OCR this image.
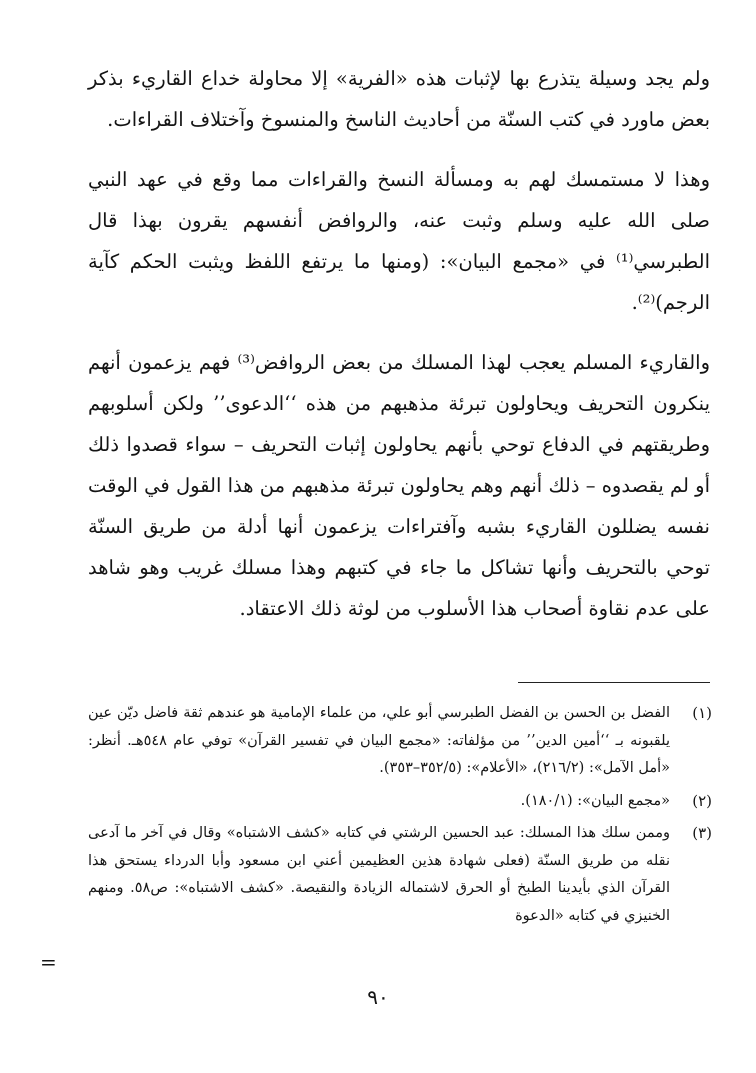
ولم يجد وسيلة يتذرع بها لإثبات هذه «الفرية» إلا محاولة خداع القاريء بذكر بعض ماورد في كتب السنّة من أحاديث الناسخ والمنسوخ وآختلاف القراءات.

وهذا لا مستمسك لهم به ومسألة النسخ والقراءات مما وقع في عهد النبي صلى الله عليه وسلم وثبت عنه، والروافض أنفسهم يقرون بهذا قال الطبرسي⁽¹⁾ في «مجمع البيان»: (ومنها ما يرتفع اللفظ ويثبت الحكم كآية الرجم)⁽²⁾.

والقاريء المسلم يعجب لهذا المسلك من بعض الروافض⁽³⁾ فهم يزعمون أنهم ينكرون التحريف ويحاولون تبرئة مذهبهم من هذه ‘‘الدعوى’’ ولكن أسلوبهم وطريقتهم في الدفاع توحي بأنهم يحاولون إثبات التحريف – سواء قصدوا ذلك أو لم يقصدوه – ذلك أنهم وهم يحاولون تبرئة مذهبهم من هذا القول في الوقت نفسه يضللون القاريء بشبه وآفتراءات يزعمون أنها أدلة من طريق السنّة توحي بالتحريف وأنها تشاكل ما جاء في كتبهم وهذا مسلك غريب وهو شاهد على عدم نقاوة أصحاب هذا الأسلوب من لوثة ذلك الاعتقاد.

(١)
الفضل بن الحسن بن الفضل الطبرسي أبو علي، من علماء الإمامية هو عندهم ثقة فاضل ديّن عين يلقبونه بـ ‘‘أمين الدين’’ من مؤلفاته: «مجمع البيان في تفسير القرآن» توفي عام ٥٤٨هـ. أنظر: «أمل الآمل»: (٢١٦/٢)، «الأعلام»: (٣٥٢/٥–٣٥٣).
(٢)
«مجمع البيان»: (١٨٠/١).
(٣)
وممن سلك هذا المسلك: عبد الحسين الرشتي في كتابه «كشف الاشتباه» وقال في آخر ما آدعى نقله من طريق السنّة (فعلى شهادة هذين العظيمين أعني ابن مسعود وأبا الدرداء يستحق هذا القرآن الذي بأيدينا الطبخ أو الحرق لاشتماله الزيادة والنقيصة. «كشف الاشتباه»: ص٥٨. ومنهم الخنيزي في كتابه «الدعوة
=
٩٠
